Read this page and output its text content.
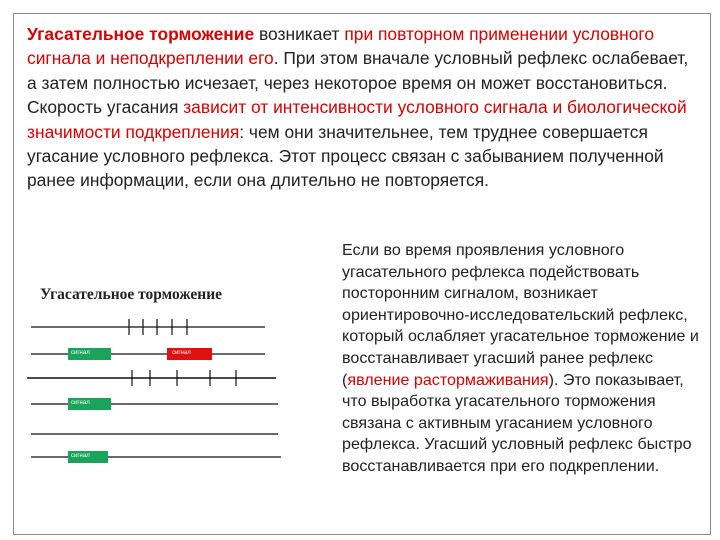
Угасательное торможение возникает при повторном применении условного сигнала и неподкреплении его. При этом вначале условный рефлекс ослабевает, а затем полностью исчезает, через некоторое время он может восстановиться.
Скорость угасания зависит от интенсивности условного сигнала и биологической значимости подкрепления: чем они значительнее, тем труднее совершается угасание условного рефлекса. Этот процесс связан с забыванием полученной ранее информации, если она длительно не повторяется.
Если во время проявления условного угасательного рефлекса подействовать посторонним сигналом, возникает ориентировочно-исследовательский рефлекс, который ослабляет угасательное торможение и восстанавливает угасший ранее рефлекс (явление растормаживания). Это показывает, что выработка угасательного торможения связана с активным угасанием условного рефлекса. Угасший условный рефлекс быстро восстанавливается при его подкреплении.
Угасательное торможение
сигнал	сигнал
сигнал
сигнал
